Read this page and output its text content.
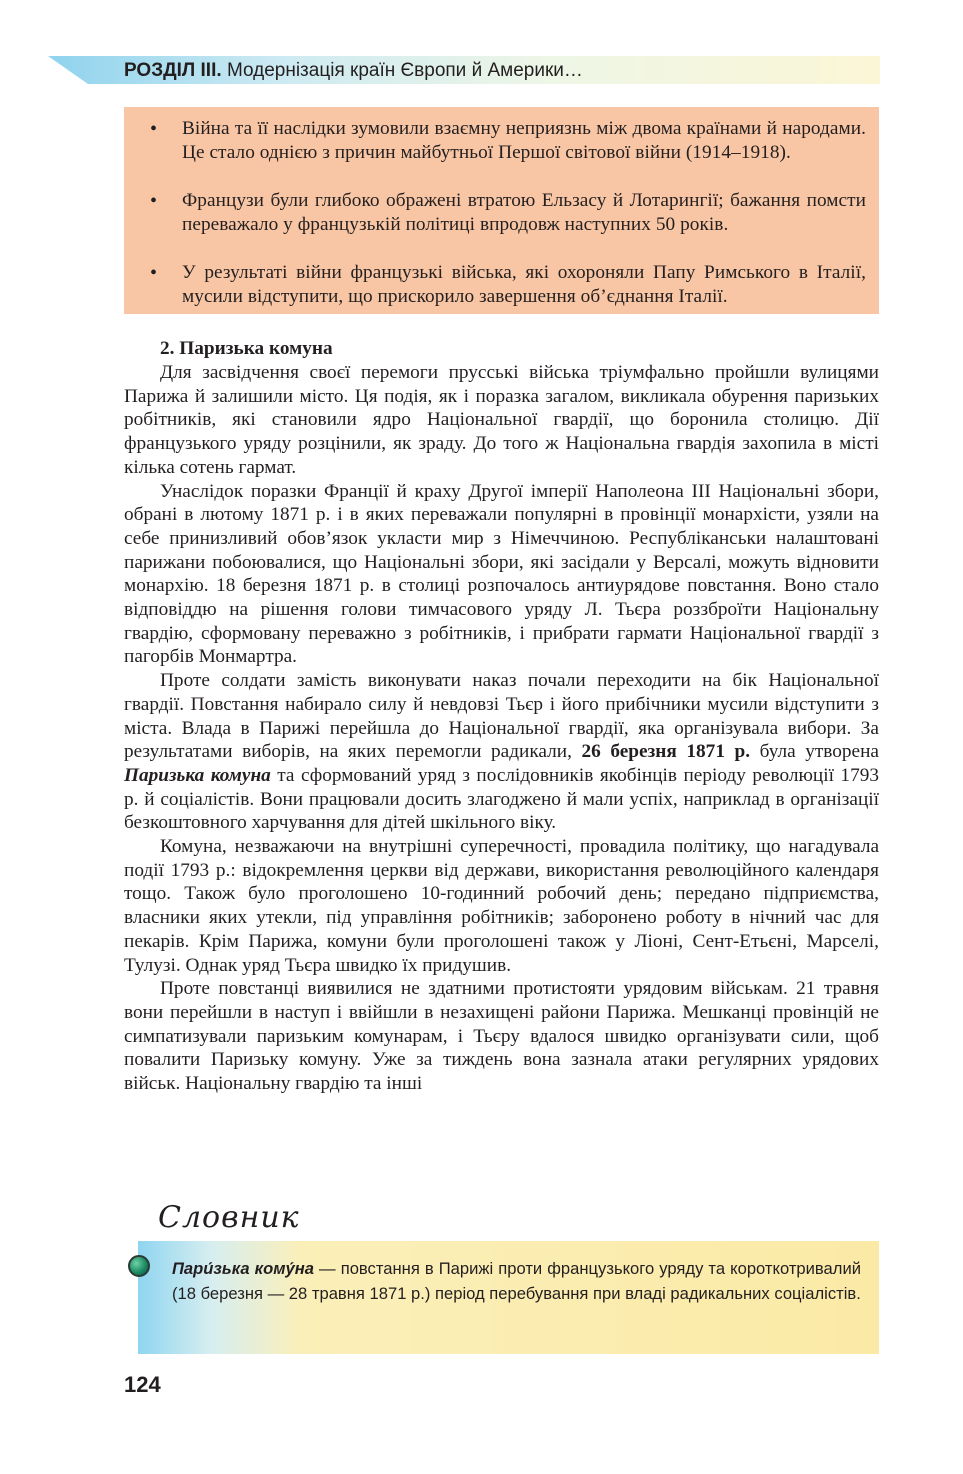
РОЗДІЛ ІІІ. Модернізація країн Європи й Америки…
• Війна та її наслідки зумовили взаємну неприязнь між двома країнами й народами. Це стало однією з причин майбутньої Першої світової війни (1914–1918).
• Французи були глибоко ображені втратою Ельзасу й Лотарингії; бажання помсти переважало у французькій політиці впродовж наступних 50 років.
• У результаті війни французькі війська, які охороняли Папу Римського в Італії, мусили відступити, що прискорило завершення об’єднання Італії.
2. Паризька комуна

Для засвідчення своєї перемоги прусські війська тріумфально пройшли вулицями Парижа й залишили місто. Ця подія, як і поразка загалом, викликала обурення паризьких робітників, які становили ядро Національної гвардії, що боронила столицю. Дії французького уряду розцінили, як зраду. До того ж Національна гвардія захопила в місті кілька сотень гармат.

Унаслідок поразки Франції й краху Другої імперії Наполеона III Національні збори, обрані в лютому 1871 р. і в яких переважали популярні в провінції монархісти, узяли на себе принизливий обов’язок укласти мир з Німеччиною. Республіканськи налаштовані парижани побоювалися, що Національні збори, які засідали у Версалі, можуть відновити монархію. 18 березня 1871 р. в столиці розпочалось антиурядове повстання. Воно стало відповіддю на рішення голови тимчасового уряду Л. Тьєра роззброїти Національну гвардію, сформовану переважно з робітників, і прибрати гармати Національної гвардії з пагорбів Монмартра.

Проте солдати замість виконувати наказ почали переходити на бік Національної гвардії. Повстання набирало силу й невдовзі Тьєр і його прибічники мусили відступити з міста. Влада в Парижі перейшла до Національної гвардії, яка організувала вибори. За результатами виборів, на яких перемогли радикали, 26 березня 1871 р. була утворена Паризька комуна та сформований уряд з послідовників якобінців періоду революції 1793 р. й соціалістів. Вони працювали досить злагоджено й мали успіх, наприклад в організації безкоштовного харчування для дітей шкільного віку.

Комуна, незважаючи на внутрішні суперечності, провадила політику, що нагадувала події 1793 р.: відокремлення церкви від держави, використання революційного календаря тощо. Також було проголошено 10-годинний робочий день; передано підприємства, власники яких утекли, під управління робітників; заборонено роботу в нічний час для пекарів. Крім Парижа, комуни були проголошені також у Ліоні, Сент-Етьєні, Марселі, Тулузі. Однак уряд Тьєра швидко їх придушив.

Проте повстанці виявилися не здатними протистояти урядовим військам. 21 травня вони перейшли в наступ і ввійшли в незахищені райони Парижа. Мешканці провінцій не симпатизували паризьким комунарам, і Тьєру вдалося швидко організувати сили, щоб повалити Паризьку комуну. Уже за тиждень вона зазнала атаки регулярних урядових військ. Національну гвардію та інші

Словник
Пари́зька кому́на — повстання в Парижі проти французького уряду та короткотривалий (18 березня — 28 травня 1871 р.) період перебування при владі радикальних соціалістів.
124
